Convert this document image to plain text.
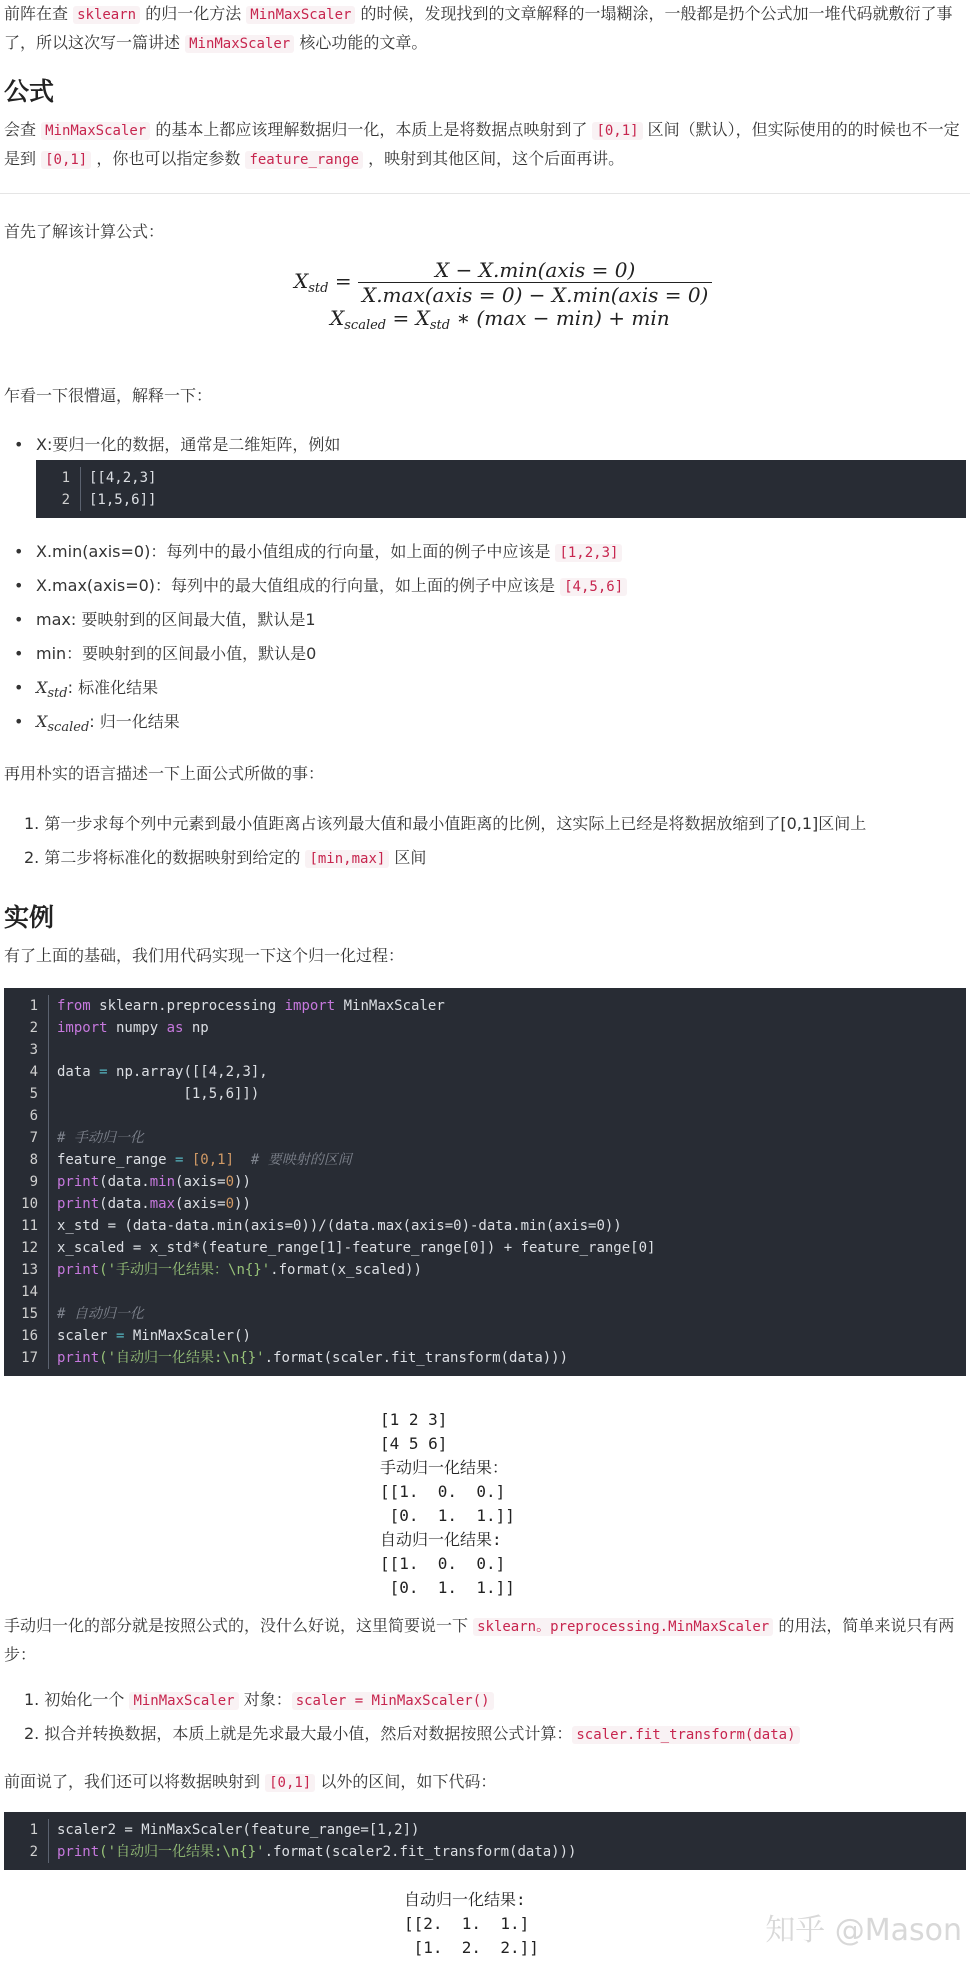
前阵在查 sklearn 的归一化方法 MinMaxScaler 的时候，发现找到的文章解释的一塌糊涂，一般都是扔个公式加一堆代码就敷衍了事了，所以这次写一篇讲述 MinMaxScaler 核心功能的文章。

公式

会查 MinMaxScaler 的基本上都应该理解数据归一化，本质上是将数据点映射到了 [0,1] 区间（默认），但实际使用的的时候也不一定是到 [0,1] ，你也可以指定参数 feature_range ，映射到其他区间，这个后面再讲。

首先了解该计算公式：

$X_{std} = \frac{\text{X − X.min(axis = 0)}}{\text{X.max(axis = 0) − X.min(axis = 0)}}$
$X_{scaled} = X_{std}$ ∗ (max − min) + min

乍看一下很懵逼，解释一下：

• X:要归一化的数据，通常是二维矩阵，例如
1 [[4,2,3]
2 [1,5,6]]
• X.min(axis=0)：每列中的最小值组成的行向量，如上面的例子中应该是 [1,2,3]
• X.max(axis=0)：每列中的最大值组成的行向量，如上面的例子中应该是 [4,5,6]
• max: 要映射到的区间最大值，默认是1
• min：要映射到的区间最小值，默认是0
• $X_{std}$: 标准化结果
• $X_{scaled}$: 归一化结果

再用朴实的语言描述一下上面公式所做的事：

1. 第一步求每个列中元素到最小值距离占该列最大值和最小值距离的比例，这实际上已经是将数据放缩到了[0,1]区间上
2. 第二步将标准化的数据映射到给定的 [min,max] 区间
实例

有了上面的基础，我们用代码实现一下这个归一化过程：

1 from sklearn.preprocessing import MinMaxScaler
2 import numpy as np
3
4 data = np.array([[4,2,3],
5               [1,5,6]])
6
7 # 手动归一化
8 feature_range = [0,1]  # 要映射的区间
9 print(data.min(axis=0))
10 print(data.max(axis=0))
11 x_std = (data-data.min(axis=0))/(data.max(axis=0)-data.min(axis=0))
12 x_scaled = x_std*(feature_range[1]-feature_range[0]) + feature_range[0]
13 print('手动归一化结果：\n{}'.format(x_scaled))
14
15 # 自动归一化
16 scaler = MinMaxScaler()
17 print('自动归一化结果:\n{}'.format(scaler.fit_transform(data)))
[1 2 3]
[4 5 6]
手动归一化结果：
[[1.  0.  0.]
[0.  1.  1.]]
自动归一化结果:
[[1.  0.  0.]
[0.  1.  1.]]

手动归一化的部分就是按照公式的，没什么好说，这里简要说一下 sklearn。preprocessing.MinMaxScaler 的用法，简单来说只有两步：

1. 初始化一个 MinMaxScaler 对象： scaler = MinMaxScaler()
2. 拟合并转换数据，本质上就是先求最大最小值，然后对数据按照公式计算： scaler.fit_transform(data)

前面说了，我们还可以将数据映射到 [0,1] 以外的区间，如下代码：

1 scaler2 = MinMaxScaler(feature_range=[1,2])
2 print('自动归一化结果:\n{}'.format(scaler2.fit_transform(data)))
自动归一化结果:
[[2.  1.  1.]
[1.  2.  2.]]	知乎 @Mason
